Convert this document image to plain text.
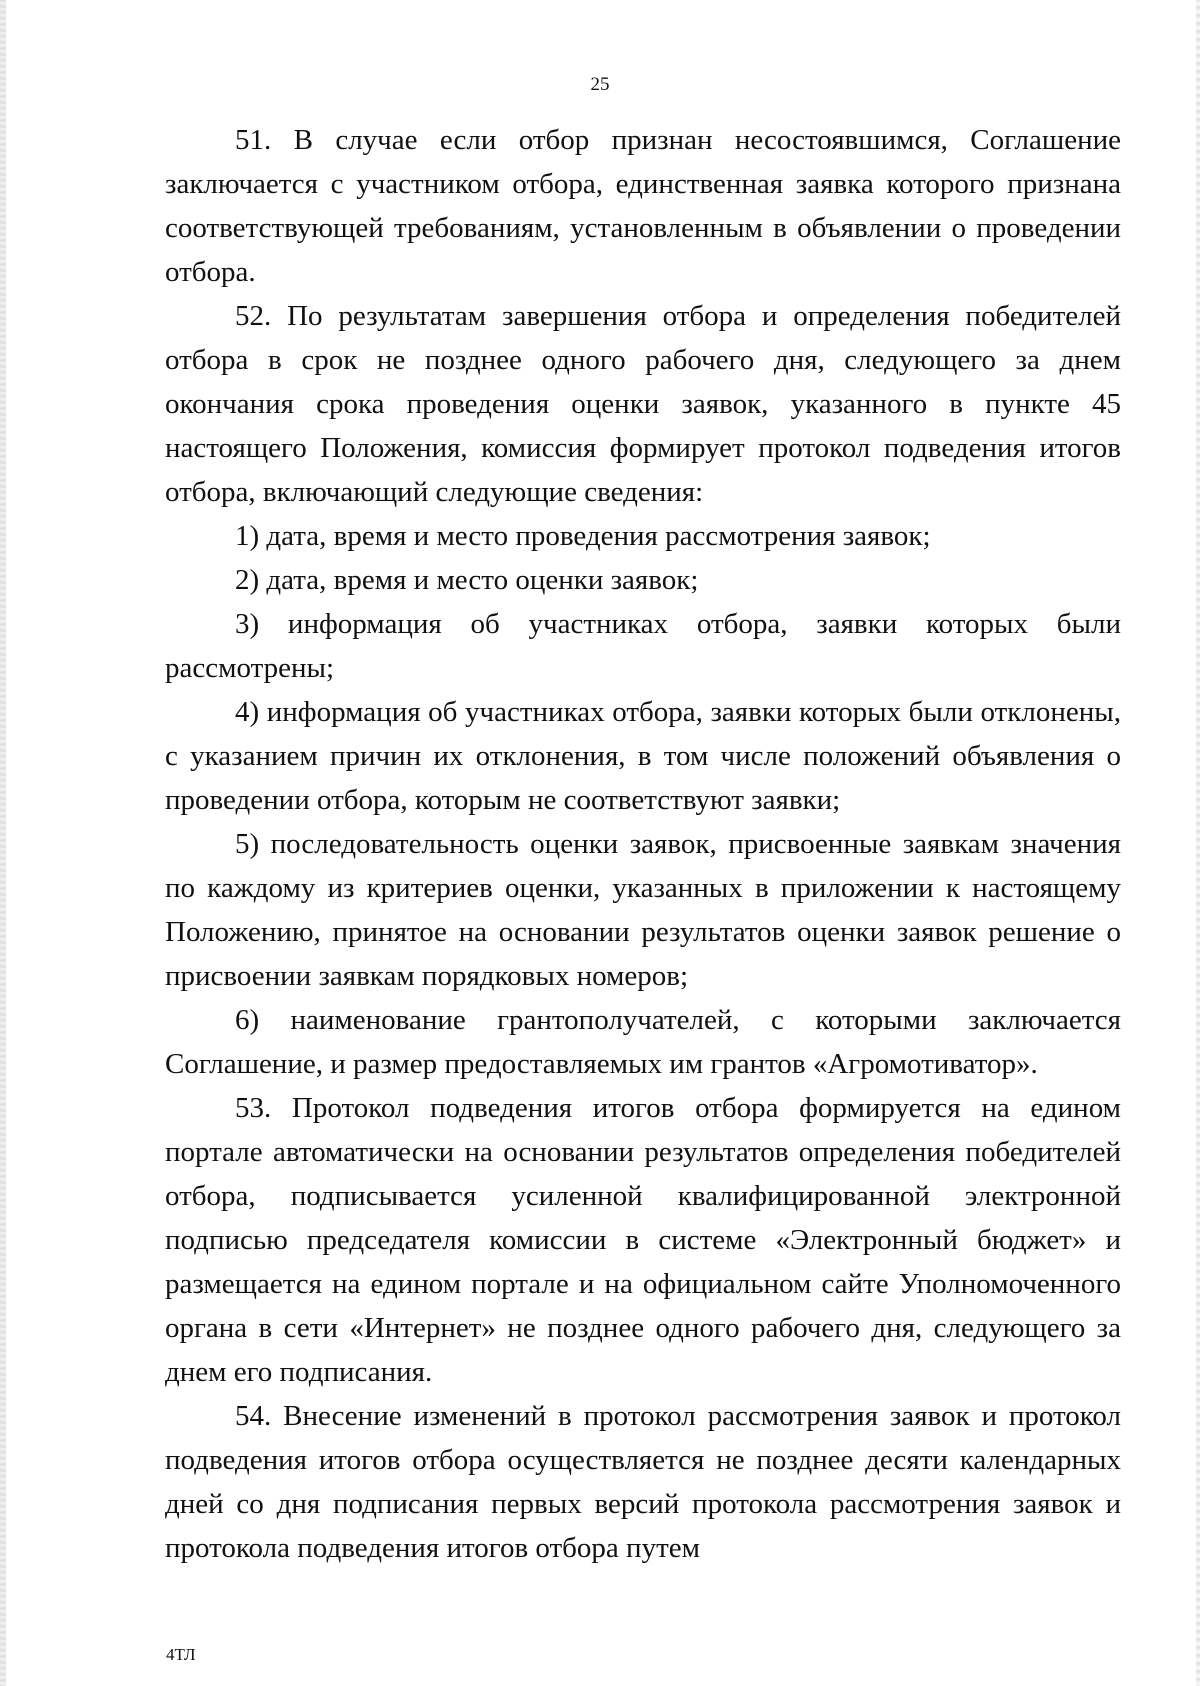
25

51. В случае если отбор признан несостоявшимся, Соглашение заключается с участником отбора, единственная заявка которого признана соответствующей требованиям, установленным в объявлении о проведении отбора.

52. По результатам завершения отбора и определения победителей отбора в срок не позднее одного рабочего дня, следующего за днем окончания срока проведения оценки заявок, указанного в пункте 45 настоящего Положения, комиссия формирует протокол подведения итогов отбора, включающий следующие сведения:

1) дата, время и место проведения рассмотрения заявок;

2) дата, время и место оценки заявок;

3) информация об участниках отбора, заявки которых были рассмотрены;

4) информация об участниках отбора, заявки которых были отклонены, с указанием причин их отклонения, в том числе положений объявления о проведении отбора, которым не соответствуют заявки;

5) последовательность оценки заявок, присвоенные заявкам значения по каждому из критериев оценки, указанных в приложении к настоящему Положению, принятое на основании результатов оценки заявок решение о присвоении заявкам порядковых номеров;

6) наименование грантополучателей, с которыми заключается Соглашение, и размер предоставляемых им грантов «Агромотиватор».

53. Протокол подведения итогов отбора формируется на едином портале автоматически на основании результатов определения победителей отбора, подписывается усиленной квалифицированной электронной подписью председателя комиссии в системе «Электронный бюджет» и размещается на едином портале и на официальном сайте Уполномоченного органа в сети «Интернет» не позднее одного рабочего дня, следующего за днем его подписания.

54. Внесение изменений в протокол рассмотрения заявок и протокол подведения итогов отбора осуществляется не позднее десяти календарных дней со дня подписания первых версий протокола рассмотрения заявок и протокола подведения итогов отбора путем

4ТЛ
